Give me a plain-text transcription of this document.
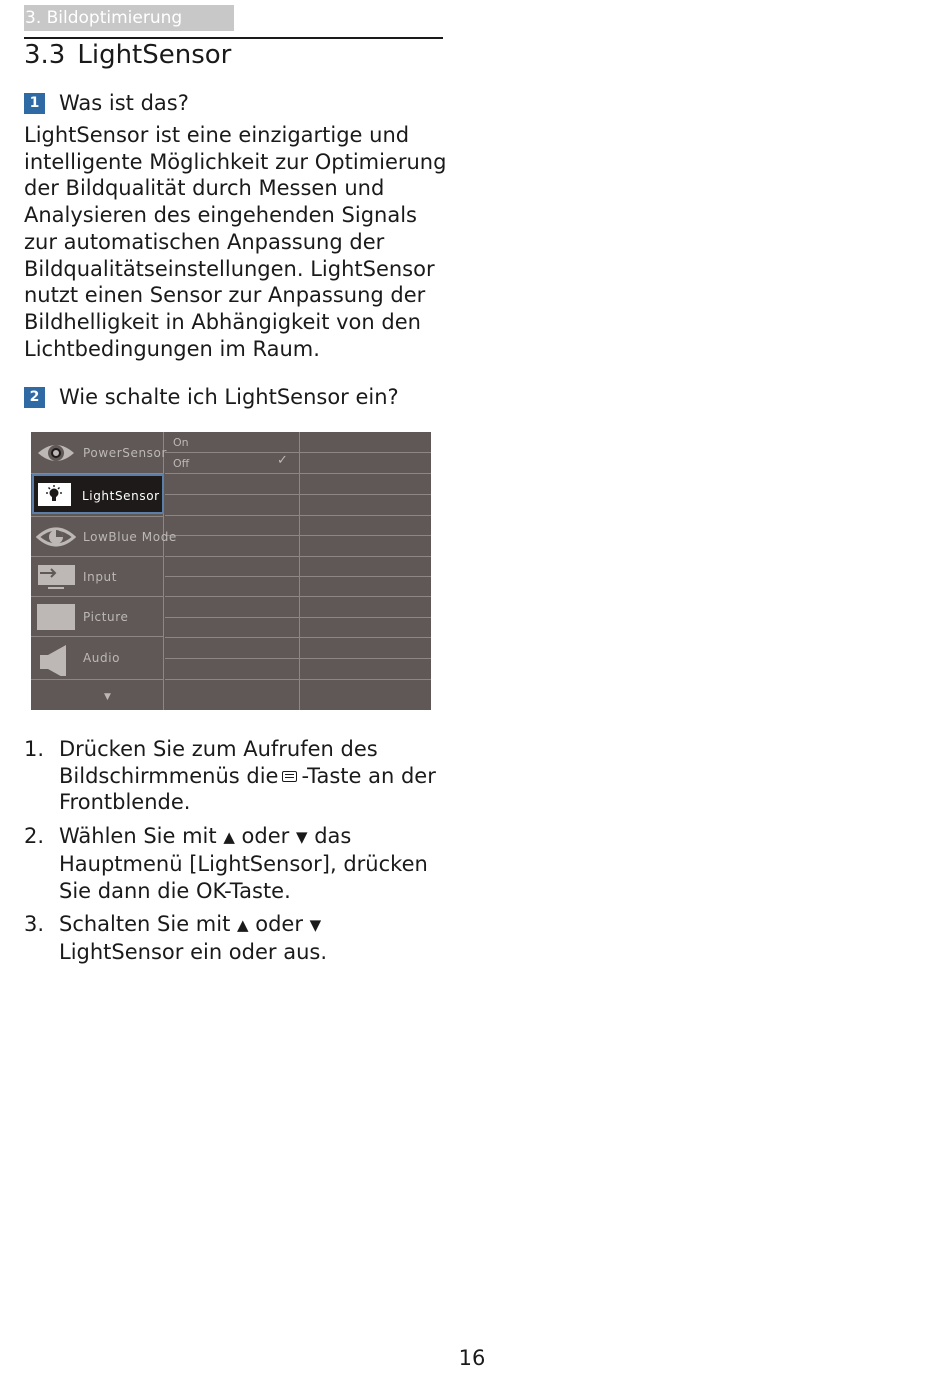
3. Bildoptimierung
3.3 LightSensor
1 Was ist das?

LightSensor ist eine einzigartige und intelligente Möglichkeit zur Optimierung der Bildqualität durch Messen und Analysieren des eingehenden Signals zur automatischen Anpassung der Bildqualitätseinstellungen. LightSensor nutzt einen Sensor zur Anpassung der Bildhelligkeit in Abhängigkeit von den Lichtbedingungen im Raum.

2 Wie schalte ich LightSensor ein?
PowerSensor
LightSensor
LowBlue Mode
Input
Picture
Audio
▼
On
Off	✓
1. Drücken Sie zum Aufrufen des Bildschirmmenüs die -Taste an der Frontblende.
2. Wählen Sie mit ▲ oder ▼ das Hauptmenü [LightSensor], drücken Sie dann die OK-Taste.
3. Schalten Sie mit ▲ oder ▼
LightSensor ein oder aus.
16
